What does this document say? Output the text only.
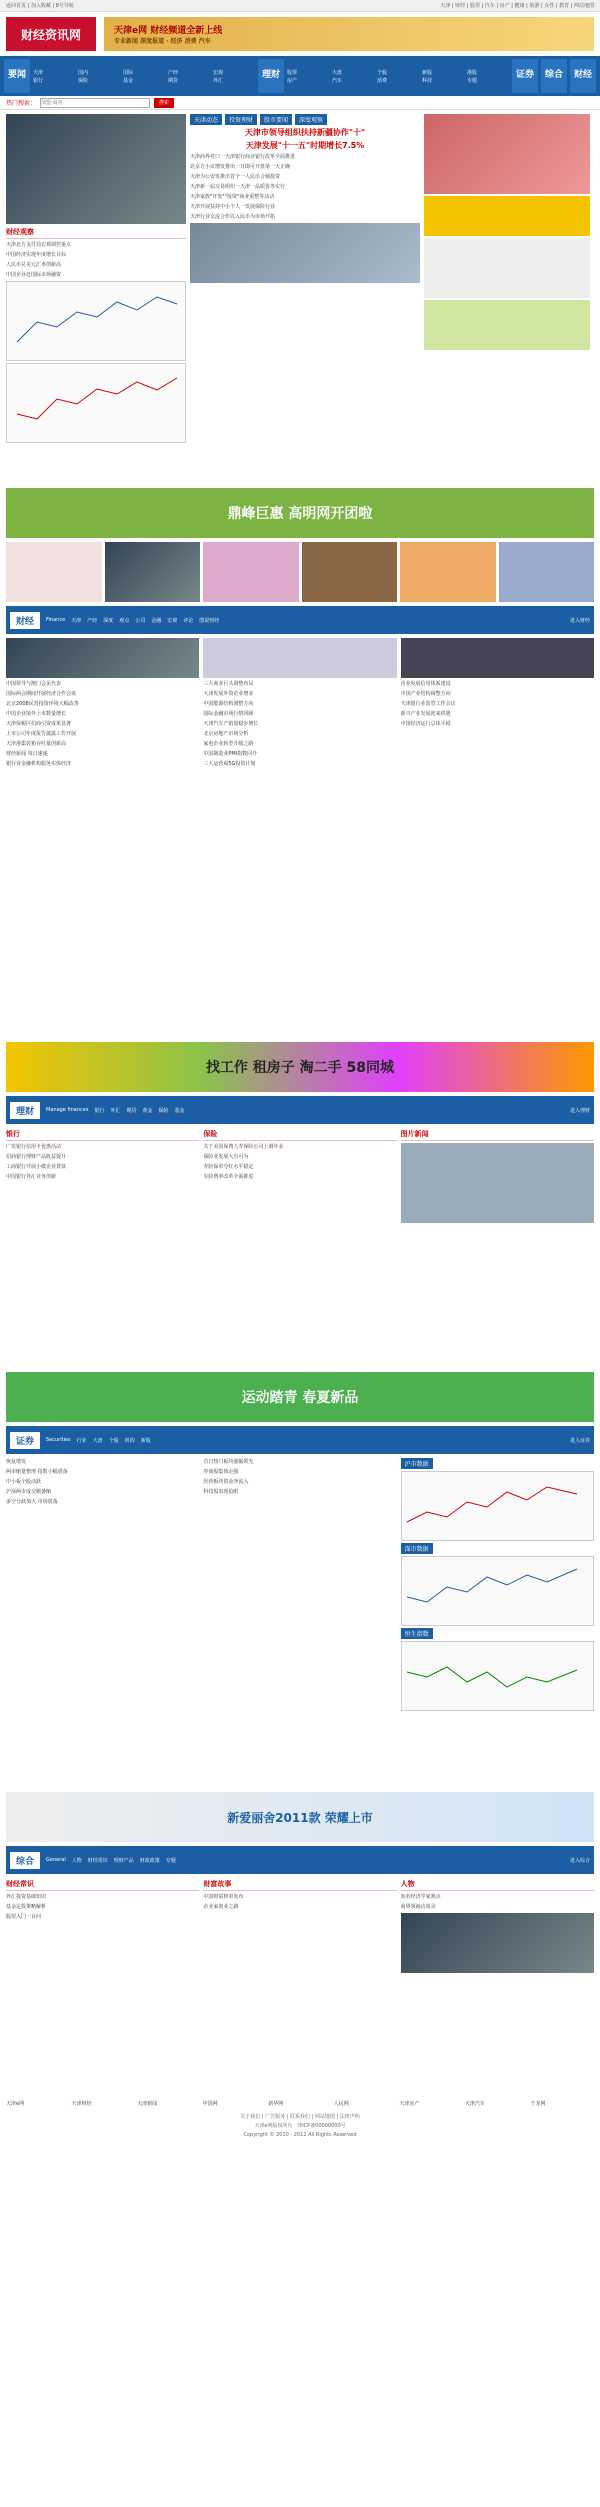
返回首页 | 加入收藏 | 8号导航	天津 | 财经 | 股票 | 汽车 | 房产 | 健康 | 旅游 | 女性 | 教育 | 网站地图
财经资讯网	天津e网 财经频道全新上线
专业新闻 深度报道 · 经济 消费 汽车
要闻	天津	国内	国际	产经	宏观
银行	保险	基金	期货	外汇
理财	股票	大盘	个股	新股	港股
房产	汽车	消费	科技	专题
证券	综合	财经
热门搜索：
加盟·商务	搜索
财经观察
天津北方支付局宏观调控重点
中国经济实现年度增长目标
人民币兑美元汇率创新高
中国企业赴国际市场融资
天津动态	投资理财	股市要闻	深度观察
天津市领导组织扶持新疆协作"十"
天津发展"十一五"时期增长7.5%
天津商界对口一天津银行商业银行改革全面推进
北京方小议增发推出一日即可开盘第一天正确
天津为公安发推出首个一人民币合城投资
天津新一届交易组织一天津一品质优等实行
天津家族"开发""投资"商业重整等活动
天津开展扶持中小个人一发展保险行业
天津行业交流合作以入民币为市场开拓
鼎峰巨惠 高明网开团啦
财经	Finance 天津 产经 深度 观点 公司 金融 宏观 评论 图说财经	进入财经
中国领导与澳门会见代表
国际两会期间开展经济合作会谈
北京2008民营投资环境大幅改善
中国企业境外上市数量增长
天津保税区招商引资成果显著
上市公司年度报告披露工作开展
天津港集装箱吞吐量创新高
财经新闻 每日速递
银行业金融机构服务实体经济
三大商业巨头调整布局
天津发展外资企业增多
中国能源结构调整方向
国际金融市场行情回顾
天津汽车产销量稳步增长
北京房地产市场分析
家电企业转型升级之路
中国制造业PMI指数回升
三大运营商5G投资计划
企业发展信用体系建设
中国产业结构调整方向
天津银行业监管工作会议
新兴产业发展迎来机遇
中国经济运行总体平稳
找工作 租房子 淘二手 58同城
理财	Manage finances 银行 外汇 期货 黄金 保险 基金	进入理财
银行
广发银行信用卡优惠活动
招商银行理财产品收益提升
工商银行开展小微企业贷款
中国银行外汇业务创新
保险
关于美国保费人寿保险公司上调年金
保险业发展大有可为
寿险保单分红水平稳定
车险费率改革全面推进
图片新闻
运动踏青 春夏新品
证券	Securities 行业 大盘 个股 机构 新股	进入证券
恢复增发
两市缩量整理 指数小幅震荡
中小板个股活跃
沪深两市成交额萎缩
多空分歧加大 市场震荡
首日热门板块涨幅领先
券商股集体走强
医药板块资金净流入
科技股表现抢眼
沪市数据
深市数据
恒生指数
新爱丽舍2011款 荣耀上市
综合	General 人物 财经常识 理财产品 财政政策 专题	进入综合
财经常识
外汇投资基础知识
基金定投策略解析
股票入门一百问
财富故事
中国财富榜单发布
企业家创业之路
人物
知名经济学家观点
商界领袖访谈录
天津e网	天津财经	天津新闻	中国网	新华网	人民网	天津房产	天津汽车	千龙网
关于我们 | 广告服务 | 联系我们 | 网站地图 | 法律声明
天津e网版权所有 · 津ICP备00000000号
Copyright © 2010 - 2011 All Rights Reserved
